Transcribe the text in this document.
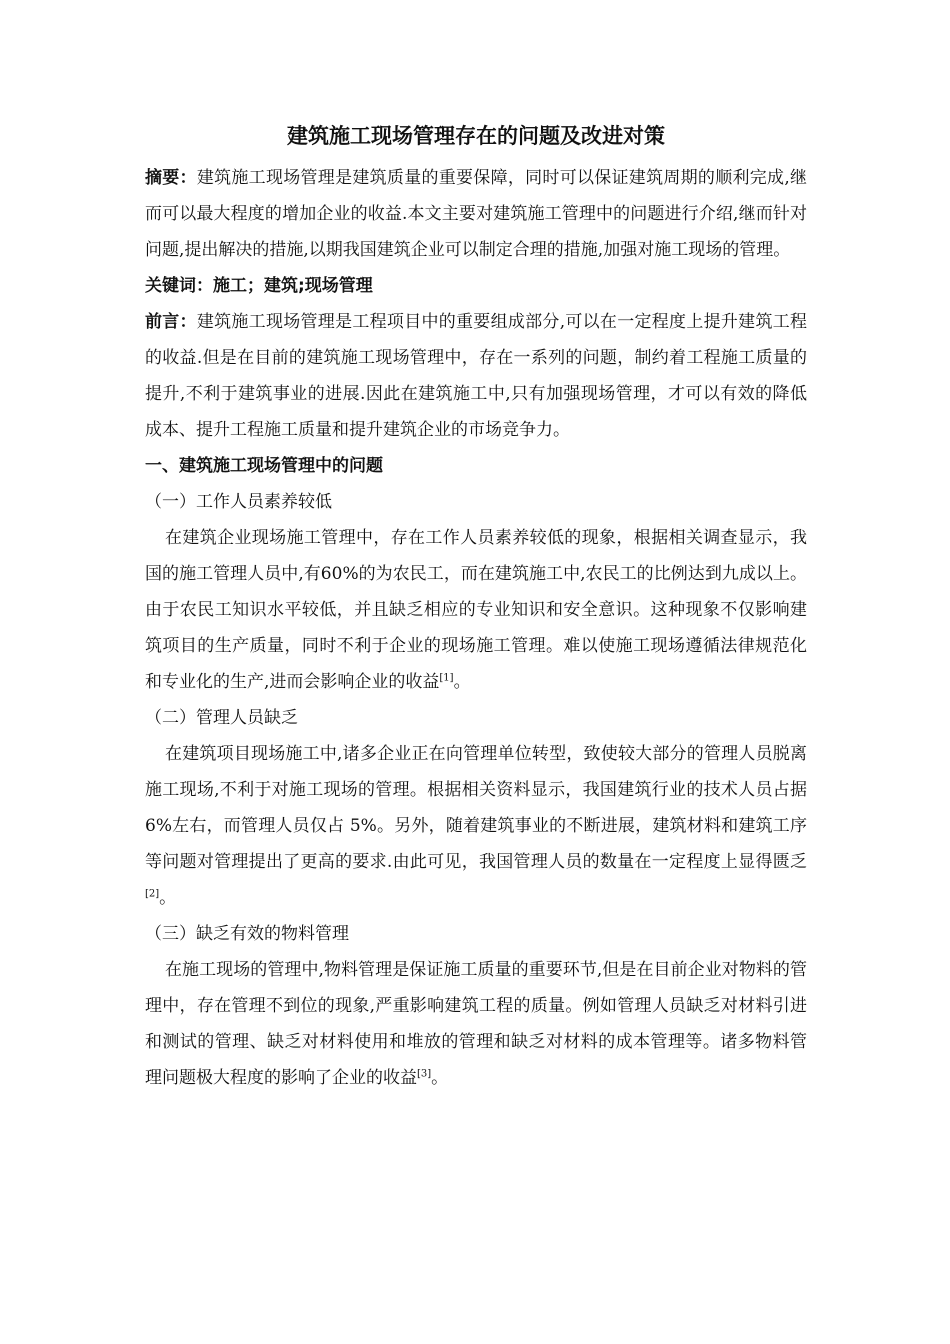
建筑施工现场管理存在的问题及改进对策

摘要：建筑施工现场管理是建筑质量的重要保障，同时可以保证建筑周期的顺利完成,继而可以最大程度的增加企业的收益.本文主要对建筑施工管理中的问题进行介绍,继而针对问题,提出解决的措施,以期我国建筑企业可以制定合理的措施,加强对施工现场的管理。

关键词：施工；建筑;现场管理

前言：建筑施工现场管理是工程项目中的重要组成部分,可以在一定程度上提升建筑工程的收益.但是在目前的建筑施工现场管理中，存在一系列的问题，制约着工程施工质量的提升,不利于建筑事业的进展.因此在建筑施工中,只有加强现场管理，才可以有效的降低成本、提升工程施工质量和提升建筑企业的市场竞争力。

一、建筑施工现场管理中的问题

（一）工作人员素养较低

在建筑企业现场施工管理中，存在工作人员素养较低的现象，根据相关调查显示，我国的施工管理人员中,有60%的为农民工，而在建筑施工中,农民工的比例达到九成以上。由于农民工知识水平较低，并且缺乏相应的专业知识和安全意识。这种现象不仅影响建筑项目的生产质量，同时不利于企业的现场施工管理。难以使施工现场遵循法律规范化和专业化的生产,进而会影响企业的收益[1]。

（二）管理人员缺乏

在建筑项目现场施工中,诸多企业正在向管理单位转型，致使较大部分的管理人员脱离施工现场,不利于对施工现场的管理。根据相关资料显示，我国建筑行业的技术人员占据 6%左右，而管理人员仅占 5%。另外，随着建筑事业的不断进展，建筑材料和建筑工序等问题对管理提出了更高的要求.由此可见，我国管理人员的数量在一定程度上显得匮乏[2]。

（三）缺乏有效的物料管理

在施工现场的管理中,物料管理是保证施工质量的重要环节,但是在目前企业对物料的管理中，存在管理不到位的现象,严重影响建筑工程的质量。例如管理人员缺乏对材料引进和测试的管理、缺乏对材料使用和堆放的管理和缺乏对材料的成本管理等。诸多物料管理问题极大程度的影响了企业的收益[3]。
